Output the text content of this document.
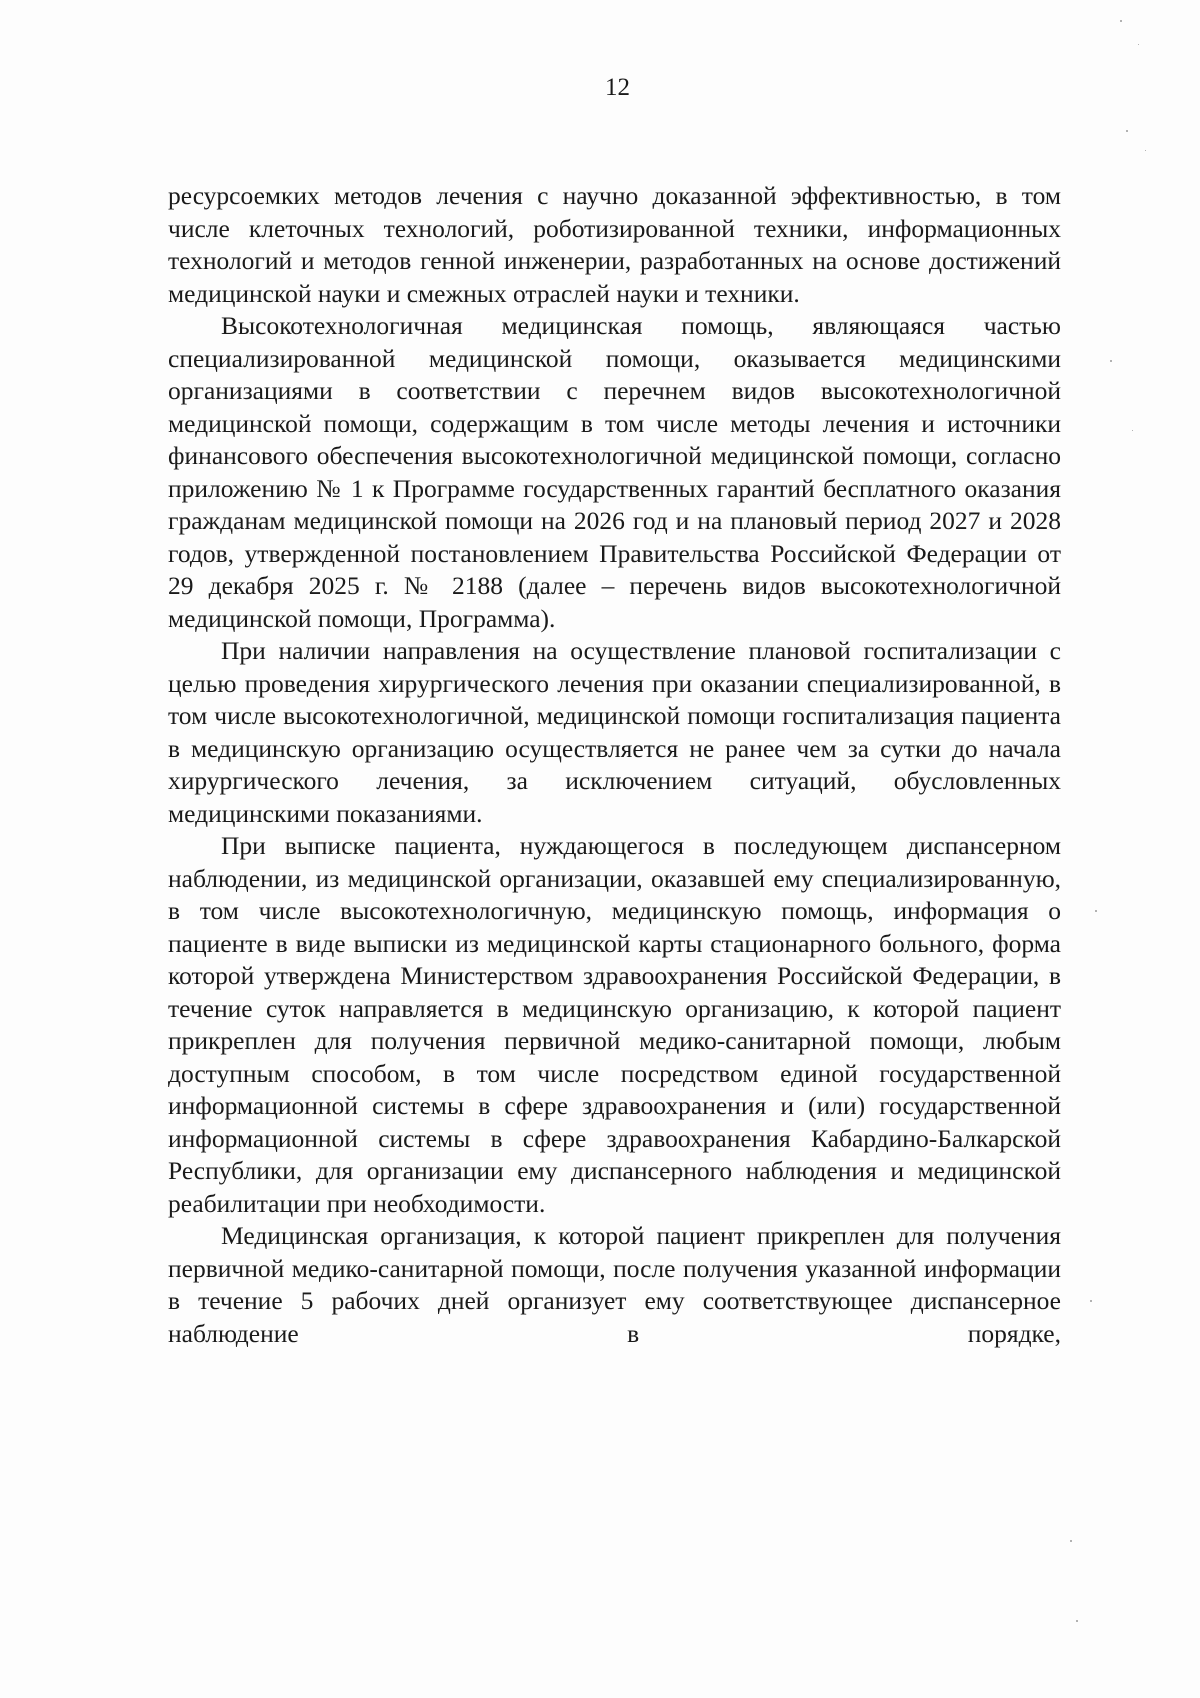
12

ресурсоемких методов лечения с научно доказанной эффективностью, в том числе клеточных технологий, роботизированной техники, информационных технологий и методов генной инженерии, разработанных на основе достижений медицинской науки и смежных отраслей науки и техники.

Высокотехнологичная медицинская помощь, являющаяся частью специализированной медицинской помощи, оказывается медицинскими организациями в соответствии с перечнем видов высокотехнологичной медицинской помощи, содержащим в том числе методы лечения и источники финансового обеспечения высокотехнологичной медицинской помощи, согласно приложению № 1 к Программе государственных гарантий бесплатного оказания гражданам медицинской помощи на 2026 год и на плановый период 2027 и 2028 годов, утвержденной постановлением Правительства Российской Федерации от 29 декабря 2025 г. № 2188 (далее – перечень видов высокотехнологичной медицинской помощи, Программа).

При наличии направления на осуществление плановой госпитализации с целью проведения хирургического лечения при оказании специализированной, в том числе высокотехнологичной, медицинской помощи госпитализация пациента в медицинскую организацию осуществляется не ранее чем за сутки до начала хирургического лечения, за исключением ситуаций, обусловленных медицинскими показаниями.

При выписке пациента, нуждающегося в последующем диспансерном наблюдении, из медицинской организации, оказавшей ему специализированную, в том числе высокотехнологичную, медицинскую помощь, информация о пациенте в виде выписки из медицинской карты стационарного больного, форма которой утверждена Министерством здравоохранения Российской Федерации, в течение суток направляется в медицинскую организацию, к которой пациент прикреплен для получения первичной медико-санитарной помощи, любым доступным способом, в том числе посредством единой государственной информационной системы в сфере здравоохранения и (или) государственной информационной системы в сфере здравоохранения Кабардино-Балкарской Республики, для организации ему диспансерного наблюдения и медицинской реабилитации при необходимости.

Медицинская организация, к которой пациент прикреплен для получения первичной медико-санитарной помощи, после получения указанной информации в течение 5 рабочих дней организует ему соответствующее диспансерное наблюдение в порядке,
